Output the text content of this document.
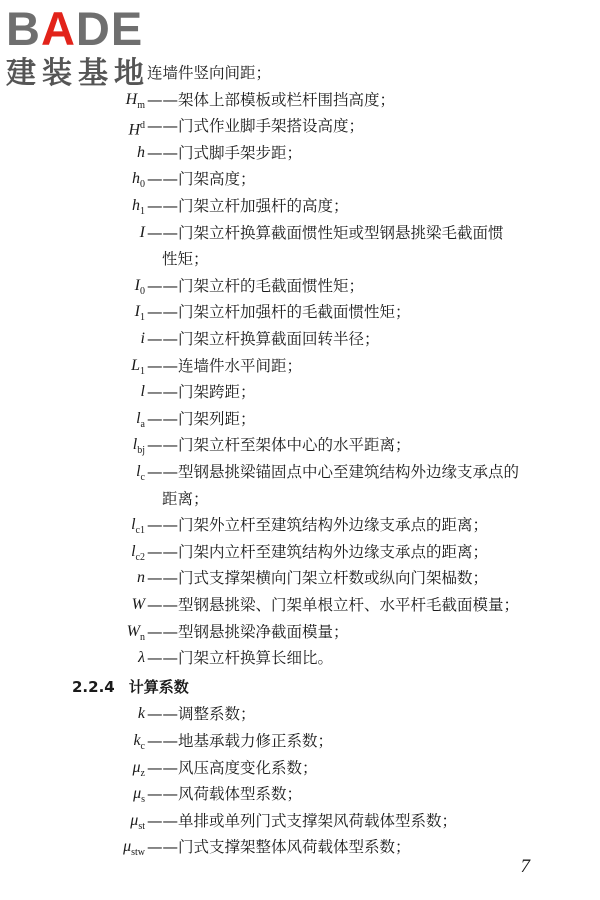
BADE
建装基地
连墙件竖向间距；
$H_m$ ——架体上部模板或栏杆围挡高度；
$H^d$ ——门式作业脚手架搭设高度；
h ——门式脚手架步距；
$h_0$ ——门架高度；
$h_1$ ——门架立杆加强杆的高度；
I ——门架立杆换算截面惯性矩或型钢悬挑梁毛截面惯
性矩；
$I_0$ ——门架立杆的毛截面惯性矩；
$I_1$ ——门架立杆加强杆的毛截面惯性矩；
i ——门架立杆换算截面回转半径；
$L_1$ ——连墙件水平间距；
l ——门架跨距；
$l_a$ ——门架列距；
$l_{bj}$ ——门架立杆至架体中心的水平距离；
$l_c$ ——型钢悬挑梁锚固点中心至建筑结构外边缘支承点的
距离；
$l_{c1}$ ——门架外立杆至建筑结构外边缘支承点的距离；
$l_{c2}$ ——门架内立杆至建筑结构外边缘支承点的距离；
n ——门式支撑架横向门架立杆数或纵向门架榀数；
W ——型钢悬挑梁、门架单根立杆、水平杆毛截面模量；
$W_n$ ——型钢悬挑梁净截面模量；
λ ——门架立杆换算长细比。
2.2.4 计算系数
k ——调整系数；
$k_c$ ——地基承载力修正系数；
$\mu_z$ ——风压高度变化系数；
$\mu_s$ ——风荷载体型系数；
$\mu_{st}$ ——单排或单列门式支撑架风荷载体型系数；
$\mu_{stw}$ ——门式支撑架整体风荷载体型系数；
7
